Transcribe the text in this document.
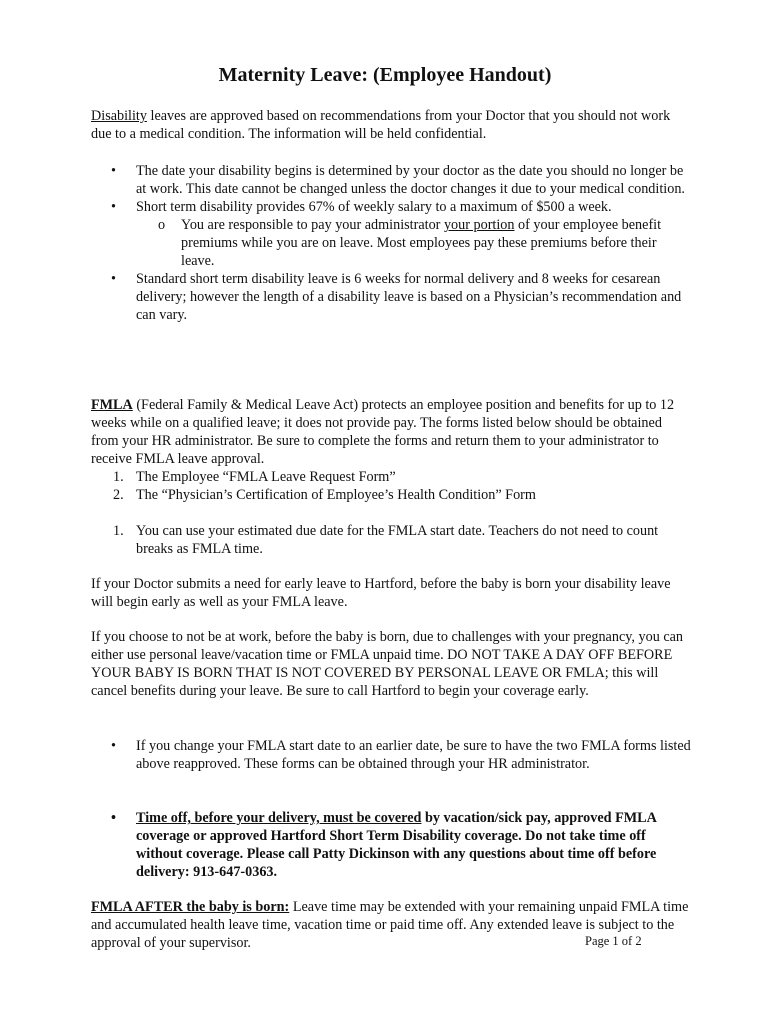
Maternity Leave: (Employee Handout)

Disability leaves are approved based on recommendations from your Doctor that you should not work due to a medical condition. The information will be held confidential.

• The date your disability begins is determined by your doctor as the date you should no longer be at work. This date cannot be changed unless the doctor changes it due to your medical condition.
• Short term disability provides 67% of weekly salary to a maximum of $500 a week.
o You are responsible to pay your administrator your portion of your employee benefit premiums while you are on leave. Most employees pay these premiums before their leave.
• Standard short term disability leave is 6 weeks for normal delivery and 8 weeks for cesarean delivery; however the length of a disability leave is based on a Physician’s recommendation and can vary.

FMLA (Federal Family & Medical Leave Act) protects an employee position and benefits for up to 12 weeks while on a qualified leave; it does not provide pay. The forms listed below should be obtained from your HR administrator. Be sure to complete the forms and return them to your administrator to receive FMLA leave approval.

1. The Employee “FMLA Leave Request Form”
2. The “Physician’s Certification of Employee’s Health Condition” Form
1. You can use your estimated due date for the FMLA start date. Teachers do not need to count breaks as FMLA time.

If your Doctor submits a need for early leave to Hartford, before the baby is born your disability leave will begin early as well as your FMLA leave.

If you choose to not be at work, before the baby is born, due to challenges with your pregnancy, you can either use personal leave/vacation time or FMLA unpaid time. DO NOT TAKE A DAY OFF BEFORE YOUR BABY IS BORN THAT IS NOT COVERED BY PERSONAL LEAVE OR FMLA; this will cancel benefits during your leave. Be sure to call Hartford to begin your coverage early.

• If you change your FMLA start date to an earlier date, be sure to have the two FMLA forms listed above reapproved. These forms can be obtained through your HR administrator.
• Time off, before your delivery, must be covered by vacation/sick pay, approved FMLA coverage or approved Hartford Short Term Disability coverage. Do not take time off without coverage. Please call Patty Dickinson with any questions about time off before delivery: 913-647-0363.

FMLA AFTER the baby is born: Leave time may be extended with your remaining unpaid FMLA time and accumulated health leave time, vacation time or paid time off. Any extended leave is subject to the approval of your supervisor.	Page 1 of 2
